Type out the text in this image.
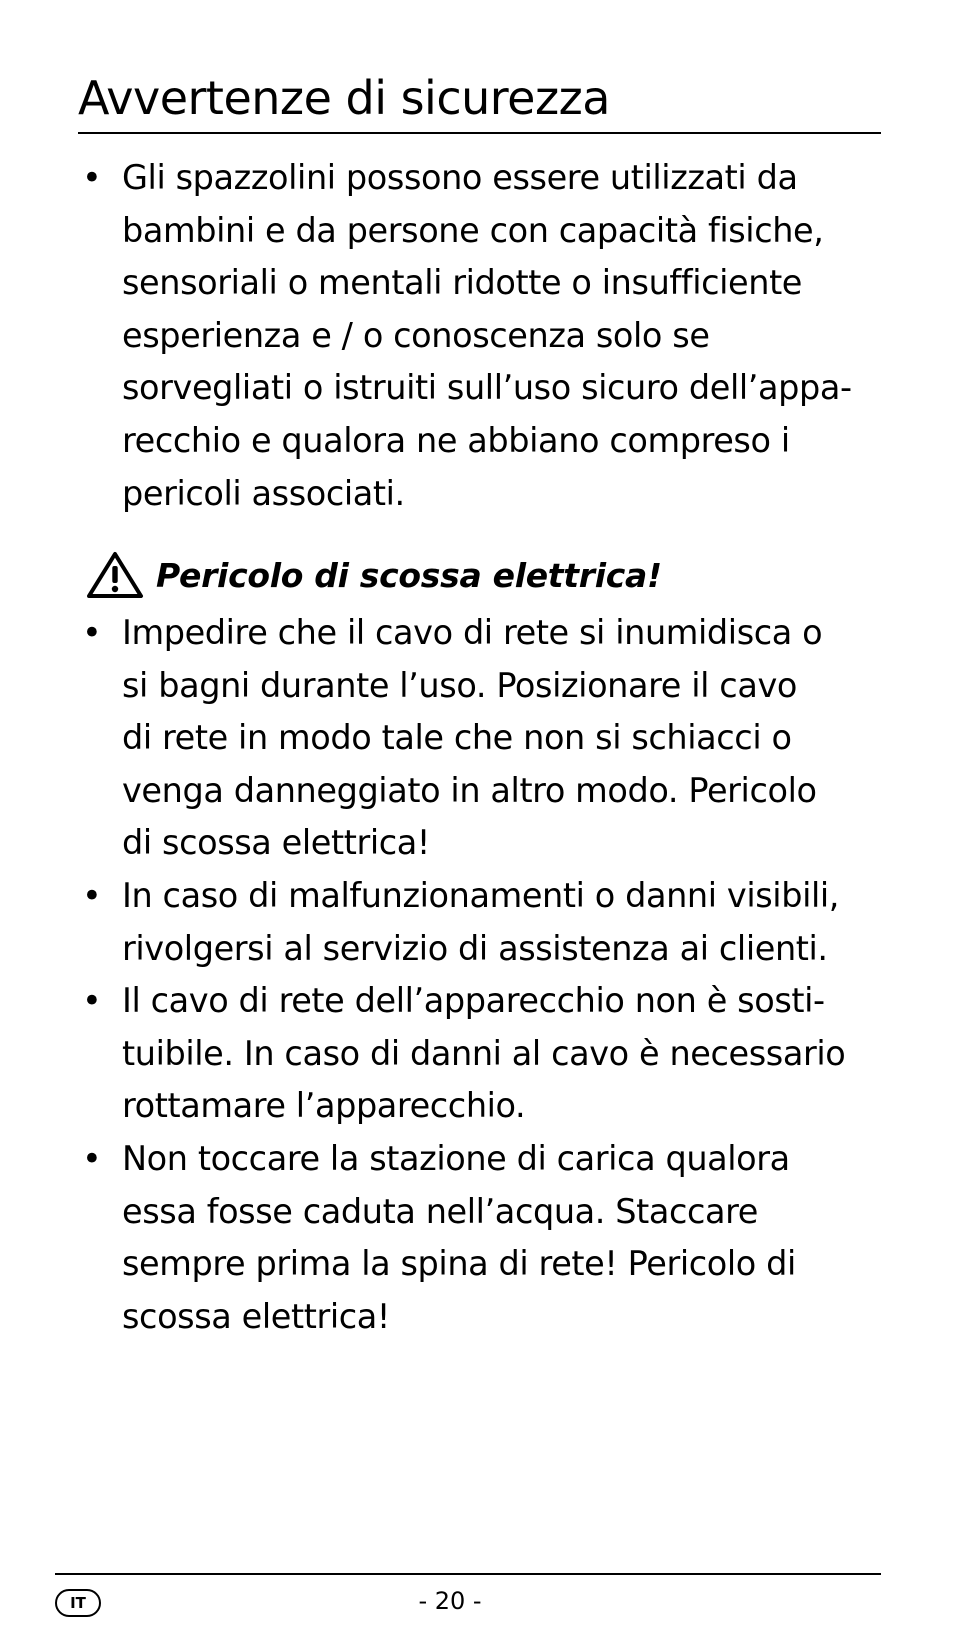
Avvertenze di sicurezza
• Gli spazzolini possono essere utilizzati da
bambini e da persone con capacità fisiche,
sensoriali o mentali ridotte o insufficiente
esperienza e / o conoscenza solo se
sorvegliati o istruiti sull’uso sicuro dell’appa-
recchio e qualora ne abbiano compreso i
pericoli associati.
Pericolo di scossa elettrica!
• Impedire che il cavo di rete si inumidisca o
si bagni durante l’uso. Posizionare il cavo
di rete in modo tale che non si schiacci o
venga danneggiato in altro modo. Pericolo
di scossa elettrica!
• In caso di malfunzionamenti o danni visibili,
rivolgersi al servizio di assistenza ai clienti.
• Il cavo di rete dell’apparecchio non è sosti-
tuibile. In caso di danni al cavo è necessario
rottamare l’apparecchio.
• Non toccare la stazione di carica qualora
essa fosse caduta nell’acqua. Staccare
sempre prima la spina di rete! Pericolo di
scossa elettrica!
IT	- 20 -
